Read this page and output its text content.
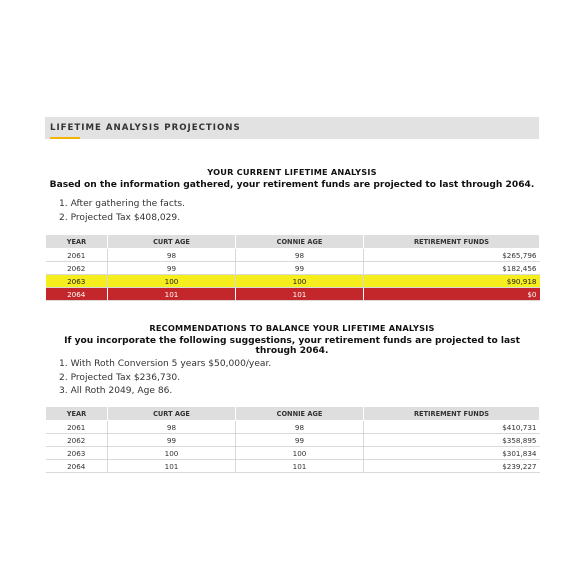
LIFETIME ANALYSIS PROJECTIONS
YOUR CURRENT LIFETIME ANALYSIS
Based on the information gathered, your retirement funds are projected to last through 2064.
1. After gathering the facts.
2. Projected Tax $408,029.
YEAR	CURT AGE	CONNIE AGE	RETIREMENT FUNDS
2061	98	98	$265,796
2062	99	99	$182,456
2063	100	100	$90,918
2064	101	101	$0
RECOMMENDATIONS TO BALANCE YOUR LIFETIME ANALYSIS
If you incorporate the following suggestions, your retirement funds are projected to last through 2064.
1. With Roth Conversion 5 years $50,000/year.
2. Projected Tax $236,730.
3. All Roth 2049, Age 86.
YEAR	CURT AGE	CONNIE AGE	RETIREMENT FUNDS
2061	98	98	$410,731
2062	99	99	$358,895
2063	100	100	$301,834
2064	101	101	$239,227
